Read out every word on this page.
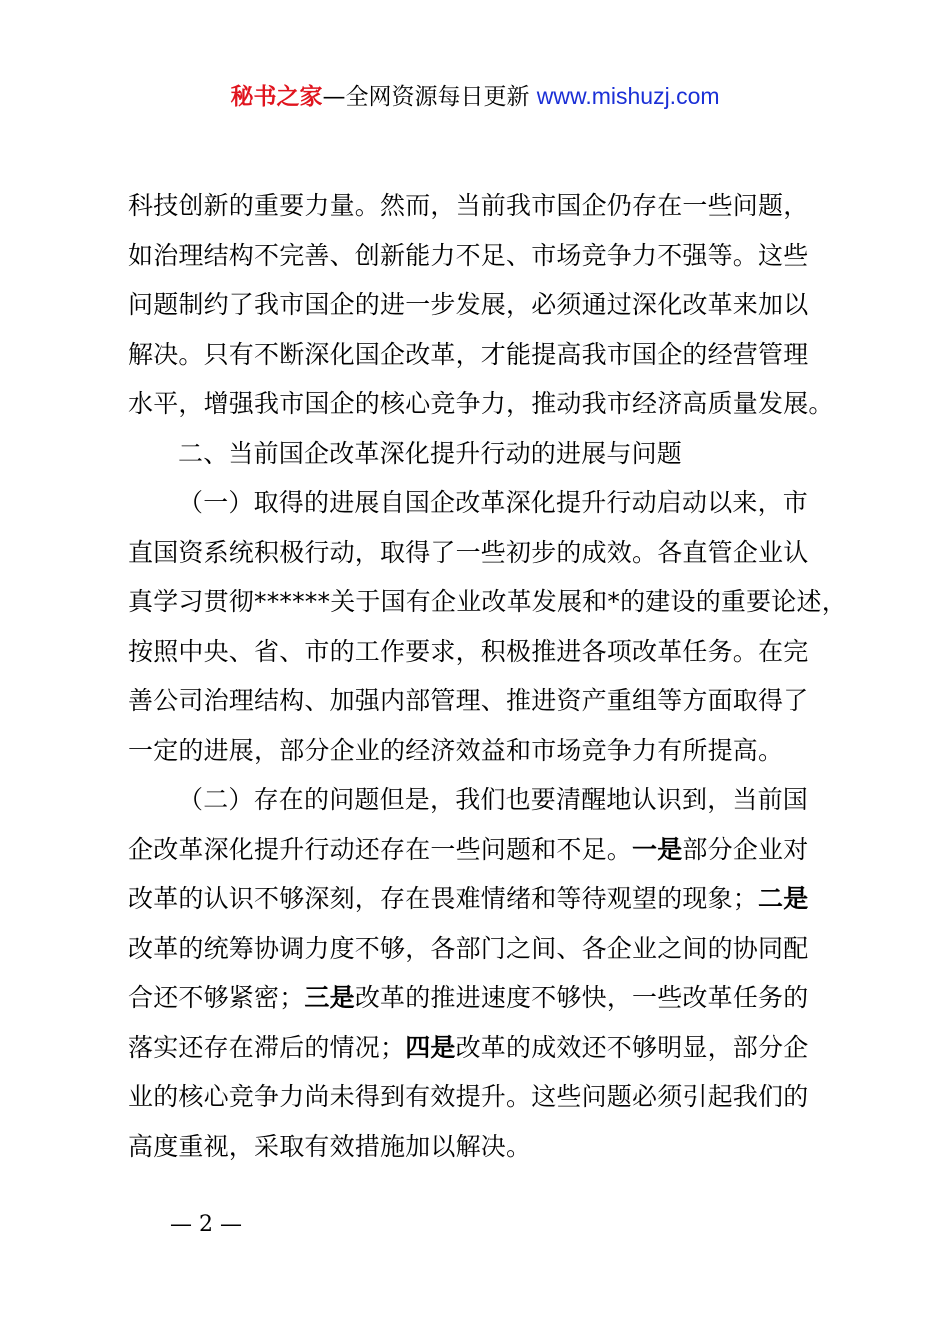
秘书之家—全网资源每日更新 www.mishuzj.com
科技创新的重要力量。然而，当前我市国企仍存在一些问题，
如治理结构不完善、创新能力不足、市场竞争力不强等。这些
问题制约了我市国企的进一步发展，必须通过深化改革来加以
解决。只有不断深化国企改革，才能提高我市国企的经营管理
水平，增强我市国企的核心竞争力，推动我市经济高质量发展。
二、当前国企改革深化提升行动的进展与问题
（一）取得的进展自国企改革深化提升行动启动以来，市
直国资系统积极行动，取得了一些初步的成效。各直管企业认
真学习贯彻******关于国有企业改革发展和*的建设的重要论述，
按照中央、省、市的工作要求，积极推进各项改革任务。在完
善公司治理结构、加强内部管理、推进资产重组等方面取得了
一定的进展，部分企业的经济效益和市场竞争力有所提高。
（二）存在的问题但是，我们也要清醒地认识到，当前国
企改革深化提升行动还存在一些问题和不足。一是部分企业对
改革的认识不够深刻，存在畏难情绪和等待观望的现象；二是
改革的统筹协调力度不够，各部门之间、各企业之间的协同配
合还不够紧密；三是改革的推进速度不够快，一些改革任务的
落实还存在滞后的情况；四是改革的成效还不够明显，部分企
业的核心竞争力尚未得到有效提升。这些问题必须引起我们的
高度重视，采取有效措施加以解决。
— 2 —
